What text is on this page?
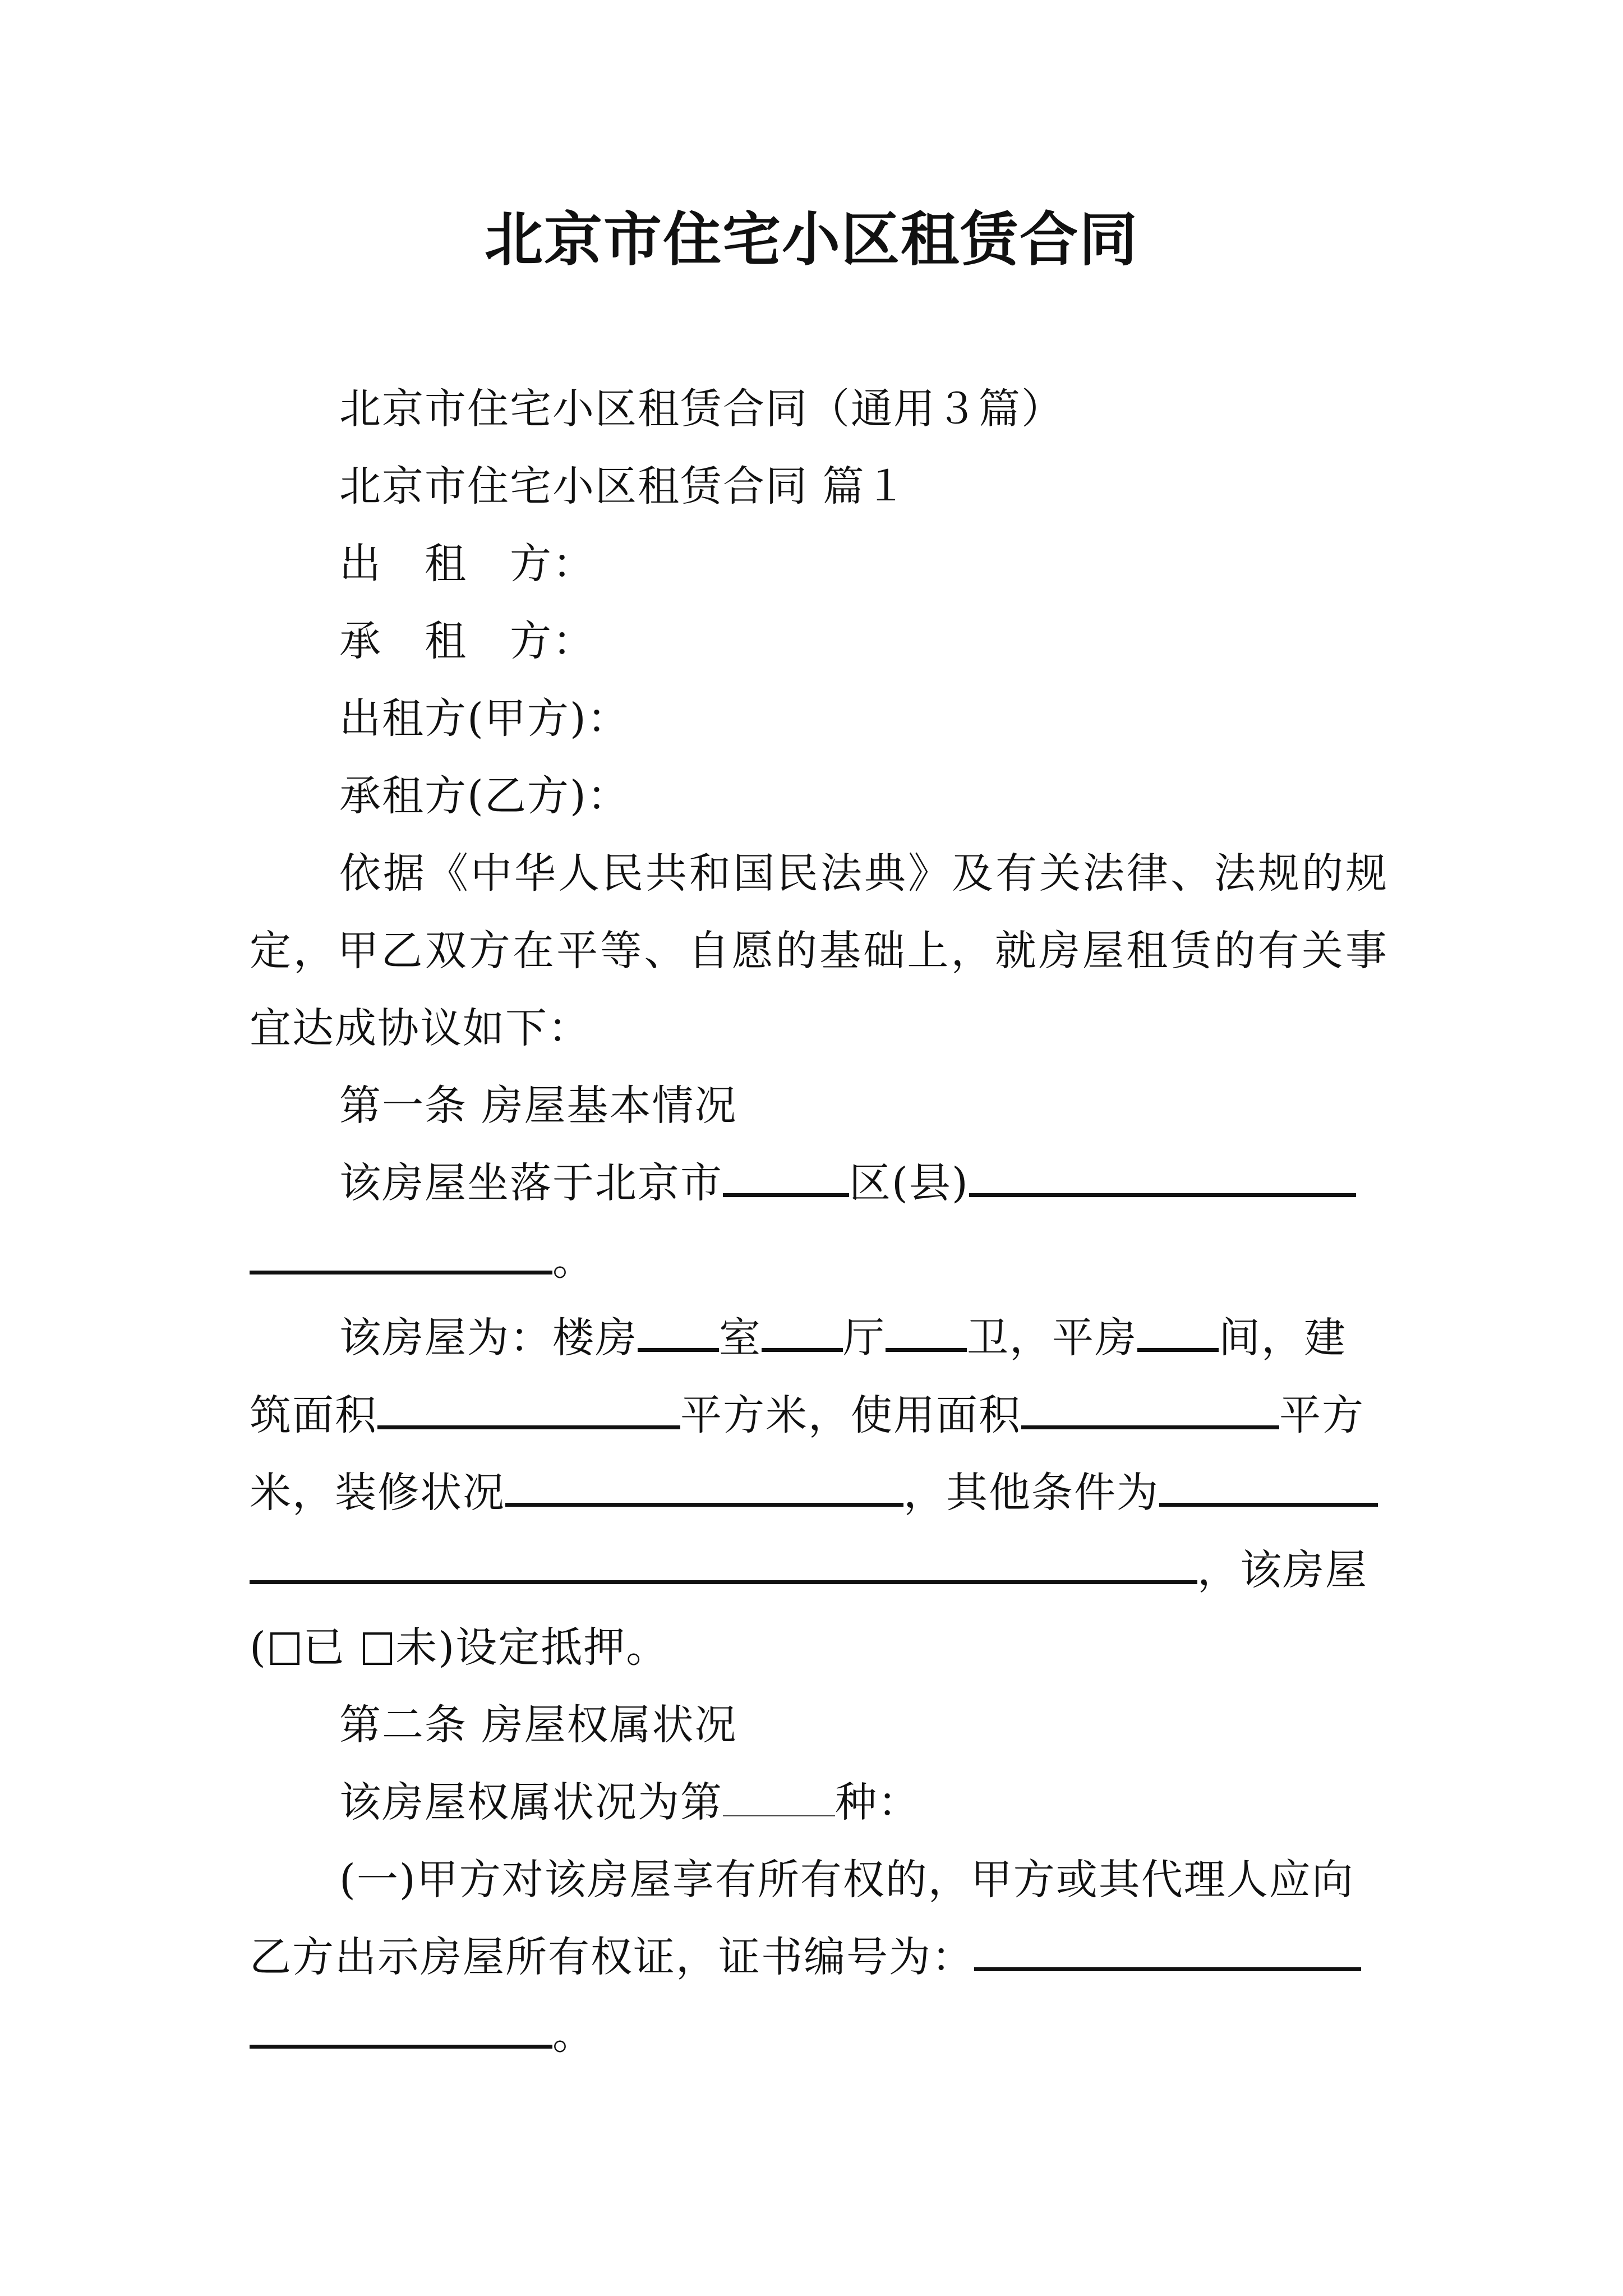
北京市住宅小区租赁合同

北京市住宅小区租赁合同（通用３篇）

北京市住宅小区租赁合同 篇１

出　租　方：

承　租　方：

出租方(甲方)：

承租方(乙方)：

依据《中华人民共和国民法典》及有关法律、法规的规定，甲乙双方在平等、自愿的基础上，就房屋租赁的有关事宜达成协议如下：

第一条 房屋基本情况

该房屋坐落于北京市	区(县)
。

该房屋为：楼房 室 厅 卫，平房 间，建
筑面积	平方米，使用面积	平方
米，装修状况	，其他条件为
，该房屋
( 已 未)设定抵押。

第二条 房屋权属状况

该房屋权属状况为第	种：

(一)甲方对该房屋享有所有权的，甲方或其代理人应向
乙方出示房屋所有权证，证书编号为：
。
